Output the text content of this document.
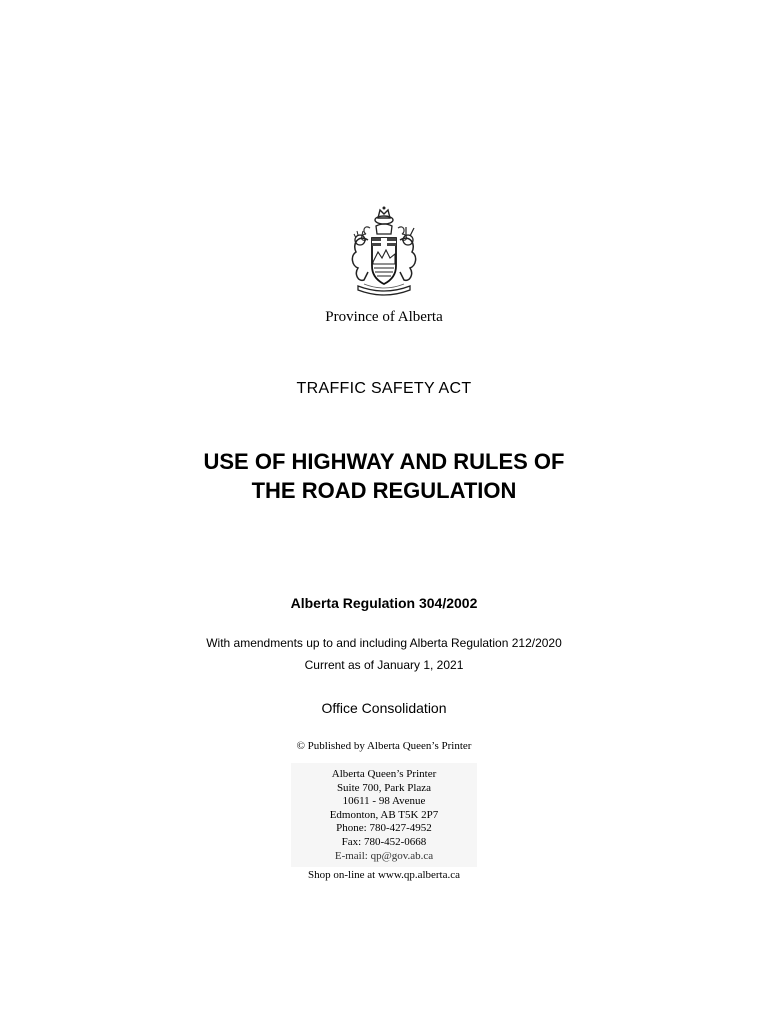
Province of Alberta
TRAFFIC SAFETY ACT
USE OF HIGHWAY AND RULES OF
THE ROAD REGULATION
Alberta Regulation 304/2002
With amendments up to and including Alberta Regulation 212/2020
Current as of January 1, 2021
Office Consolidation
© Published by Alberta Queen’s Printer
Alberta Queen’s Printer
Suite 700, Park Plaza
10611 - 98 Avenue
Edmonton, AB T5K 2P7
Phone: 780-427-4952
Fax: 780-452-0668
E-mail: qp@gov.ab.ca
Shop on-line at www.qp.alberta.ca
